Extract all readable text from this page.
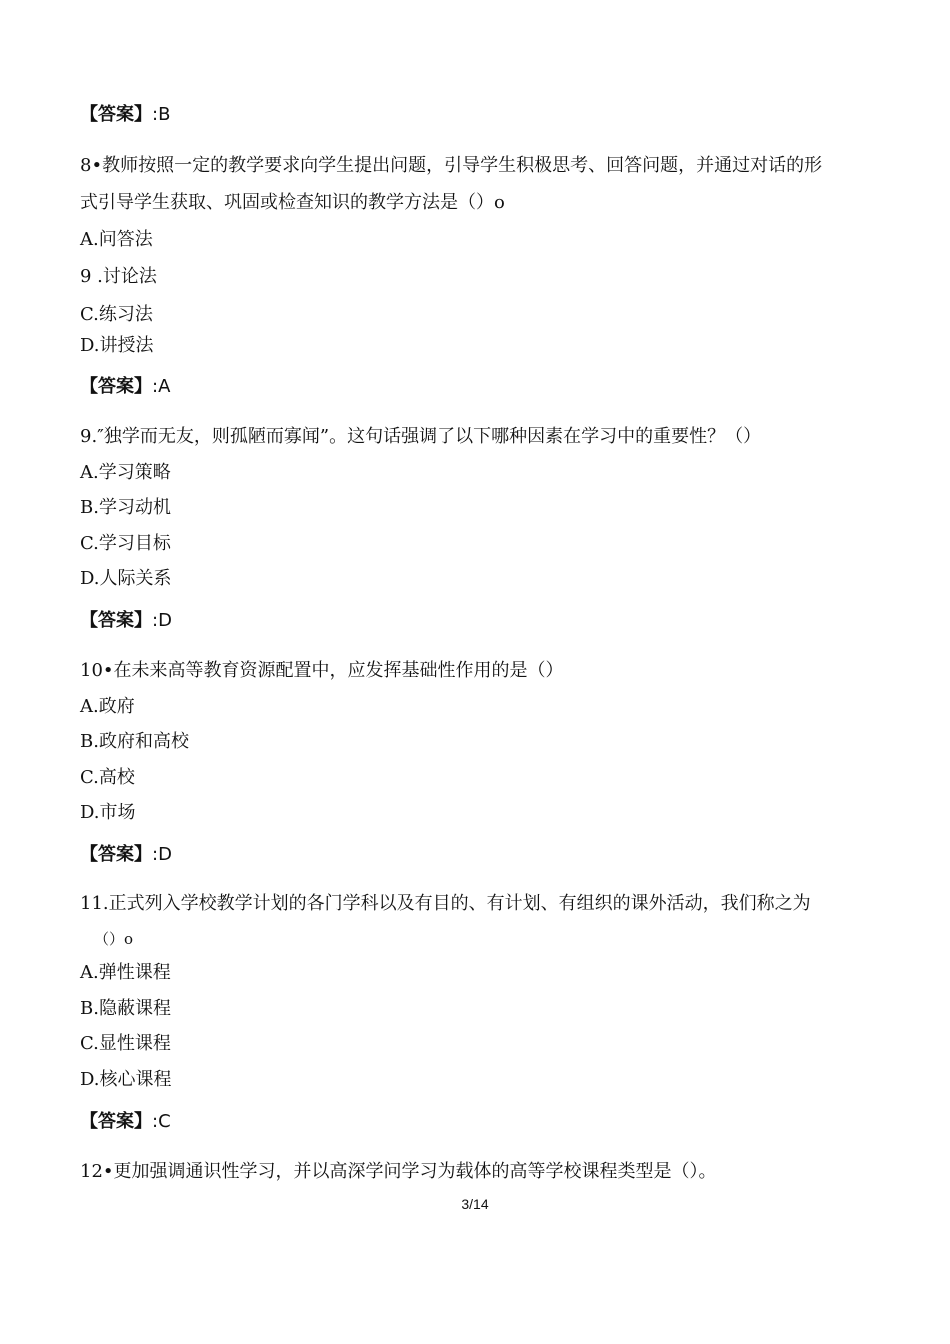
【答案】:B
8•教师按照一定的教学要求向学生提出问题，引导学生积极思考、回答问题，并通过对话的形
式引导学生获取、巩固或检查知识的教学方法是（）o
A.问答法
9 .讨论法
C.练习法
D.讲授法
【答案】:A
9.″独学而无友，则孤陋而寡闻”。这句话强调了以下哪种因素在学习中的重要性？（）
A.学习策略
B.学习动机
C.学习目标
D.人际关系
【答案】:D
10•在未来高等教育资源配置中，应发挥基础性作用的是（）
A.政府
B.政府和高校
C.高校
D.市场
【答案】:D
11.正式列入学校教学计划的各门学科以及有目的、有计划、有组织的课外活动，我们称之为
（）o
A.弹性课程
B.隐蔽课程
C.显性课程
D.核心课程
【答案】:C
12•更加强调通识性学习，并以高深学问学习为载体的高等学校课程类型是（）。
3/14
